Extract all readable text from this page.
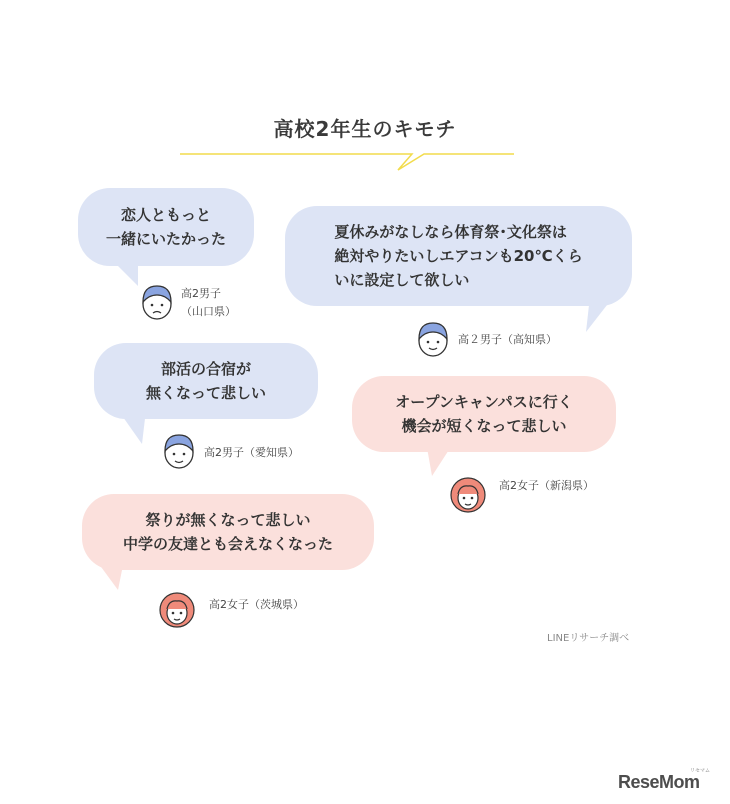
高校2年生のキモチ
恋人ともっと
一緒にいたかった
高2男子
（山口県）
夏休みがなしなら体育祭･文化祭は
絶対やりたいしエアコンも20℃くら
いに設定して欲しい
高２男子（高知県）
部活の合宿が
無くなって悲しい
高2男子（愛知県）
オープンキャンパスに行く
機会が短くなって悲しい
高2女子（新潟県）
祭りが無くなって悲しい
中学の友達とも会えなくなった
高2女子（茨城県）
LINEリサーチ調べ
リセマム
ReseMom
